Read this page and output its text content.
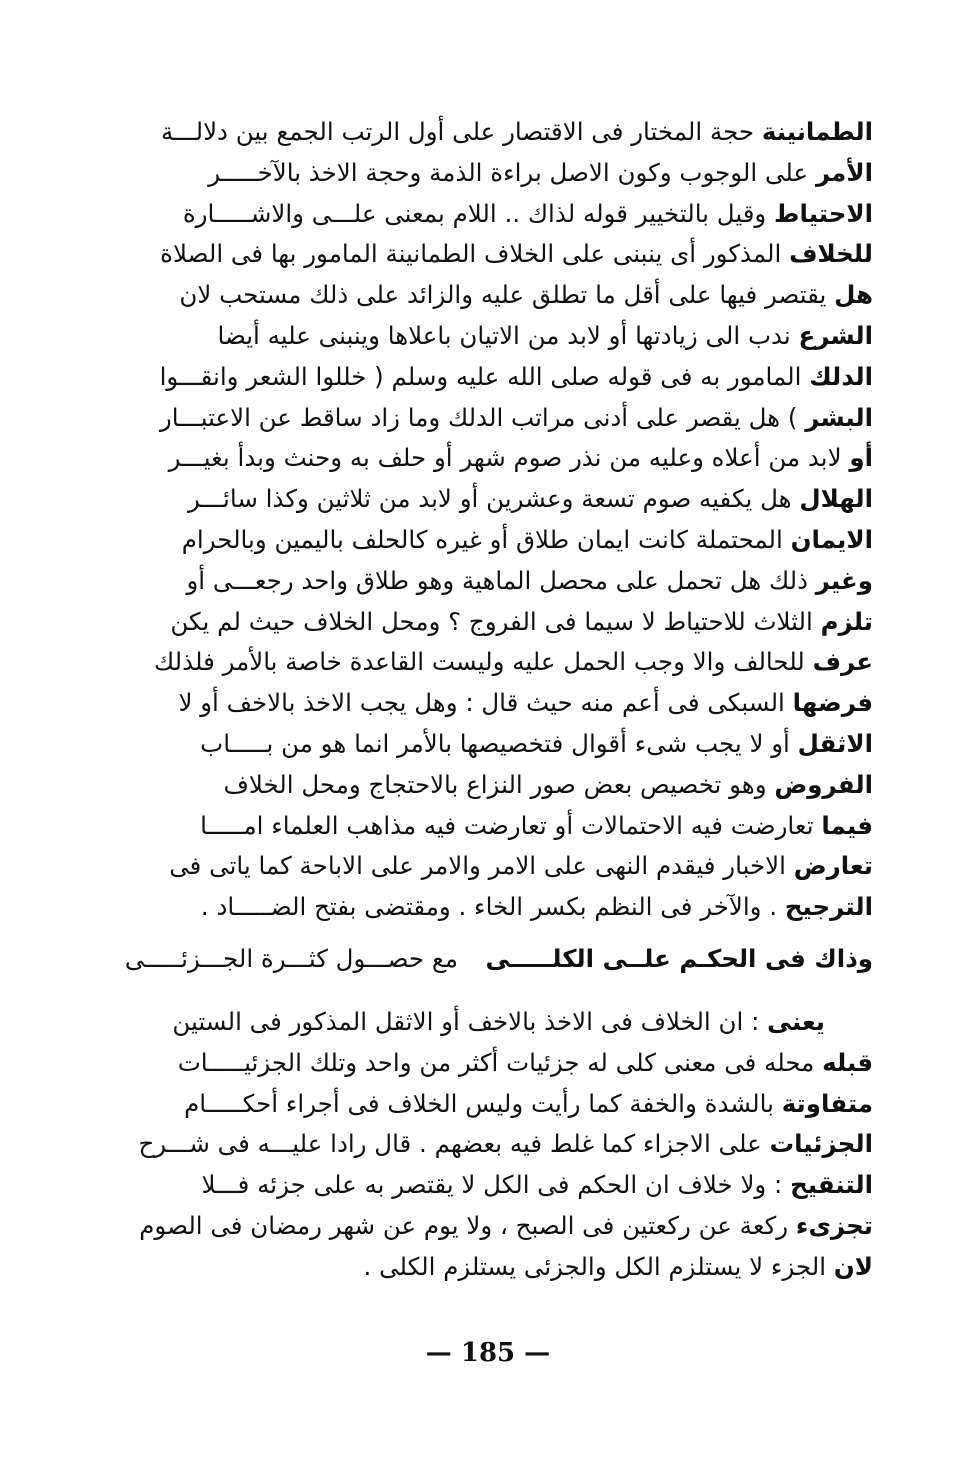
الطمانينة حجة المختار فى الاقتصار على أول الرتب الجمع بين دلالـــة
الأمر على الوجوب وكون الاصل براءة الذمة وحجة الاخذ بالآخـــــر
الاحتياط وقيل بالتخيير قوله لذاك .. اللام بمعنى علـــى والاشـــــارة
للخلاف المذكور أى ينبنى على الخلاف الطمانينة المامور بها فى الصلاة
هل يقتصر فيها على أقل ما تطلق عليه والزائد على ذلك مستحب لان
الشرع ندب الى زيادتها أو لابد من الاتيان باعلاها وينبنى عليه أيضا
الدلك المامور به فى قوله صلى الله عليه وسلم ( خللوا الشعر وانقـــوا
البشر ) هل يقصر على أدنى مراتب الدلك وما زاد ساقط عن الاعتبـــار
أو لابد من أعلاه وعليه من نذر صوم شهر أو حلف به وحنث وبدأ بغيـــر
الهلال هل يكفيه صوم تسعة وعشرين أو لابد من ثلاثين وكذا سائـــر
الايمان المحتملة كانت ايمان طلاق أو غيره كالحلف باليمين وبالحرام
وغير ذلك هل تحمل على محصل الماهية وهو طلاق واحد رجعـــى أو
تلزم الثلاث للاحتياط لا سيما فى الفروج ؟ ومحل الخلاف حيث لم يكن
عرف للحالف والا وجب الحمل عليه وليست القاعدة خاصة بالأمر فلذلك
فرضها السبكى فى أعم منه حيث قال : وهل يجب الاخذ بالاخف أو لا
الاثقل أو لا يجب شىء أقوال فتخصيصها بالأمر انما هو من بـــــاب
الفروض وهو تخصيص بعض صور النزاع بالاحتجاج ومحل الخلاف
فيما تعارضت فيه الاحتمالات أو تعارضت فيه مذاهب العلماء امـــــا
تعارض الاخبار فيقدم النهى على الامر والامر على الاباحة كما ياتى فى
الترجيح . والآخر فى النظم بكسر الخاء . ومقتضى بفتح الضـــــاد .

وذاك فى الحكـم علــى الكلـــــى
مع حصـــول كثـــرة الجـــزئـــــى

يعنى : ان الخلاف فى الاخذ بالاخف أو الاثقل المذكور فى الستين
قبله محله فى معنى كلى له جزئيات أكثر من واحد وتلك الجزئيـــــات
متفاوتة بالشدة والخفة كما رأيت وليس الخلاف فى أجراء أحكـــــام
الجزئيات على الاجزاء كما غلط فيه بعضهم . قال رادا عليـــه فى شـــرح
التنقيح : ولا خلاف ان الحكم فى الكل لا يقتصر به على جزئه فـــلا
تجزىء ركعة عن ركعتين فى الصبح ، ولا يوم عن شهر رمضان فى الصوم
لان الجزء لا يستلزم الكل والجزئى يستلزم الكلى .

— 185 —
